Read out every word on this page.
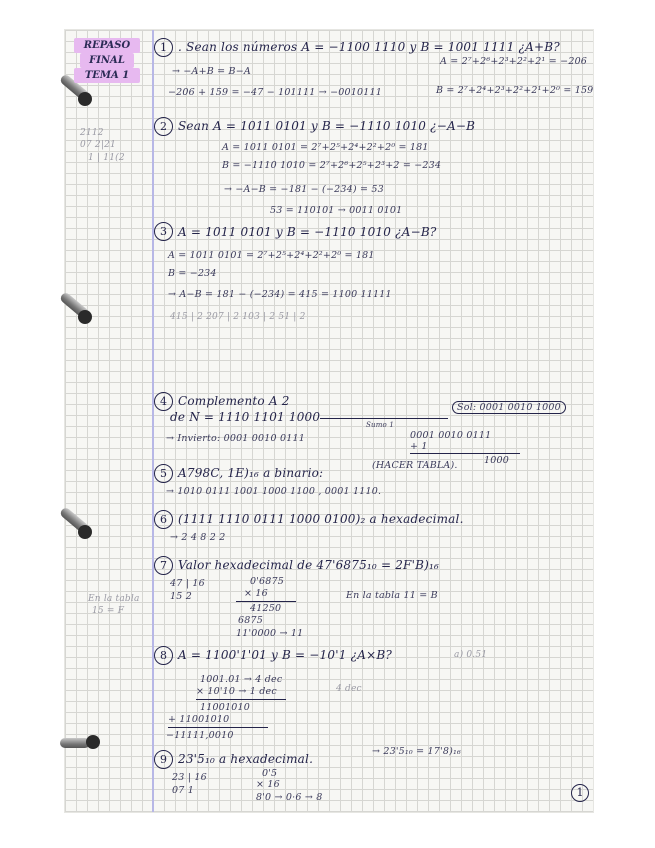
REPASO
FINAL
TEMA 1
1 . Sean los números A = −1100 1110 y B = 1001 1111 ¿A+B?
→ −A+B = B−A
A = 2⁷+2⁶+2³+2²+2¹ = −206
B = 2⁷+2⁴+2³+2²+2¹+2⁰ = 159
−206 + 159 = −47 − 101111 → −0010111
2 Sean A = 1011 0101 y B = −1110 1010 ¿−A−B
A = 1011 0101 = 2⁷+2⁵+2⁴+2²+2⁰ = 181
B = −1110 1010 = 2⁷+2⁶+2⁵+2³+2 = −234
→ −A−B = −181 − (−234) = 53
53 = 110101 → 0011 0101
2112
07 2|21
1 | 11(2
3 A = 1011 0101 y B = −1110 1010 ¿A−B?
A = 1011 0101 = 2⁷+2⁵+2⁴+2²+2⁰ = 181
B = −234
→ A−B = 181 − (−234) = 415 = 1100 11111
415 | 2 207 | 2 103 | 2 51 | 2
4 Complemento A 2
de N = 1110 1101 1000
Sol: 0001 0010 1000
→ Invierto: 0001 0010 0111
Sumo 1
0001 0010 0111
+ 1
1000
5 A798C, 1E)₁₆ a binario:
(HACER TABLA).
→ 1010 0111 1001 1000 1100 , 0001 1110.
6 (1111 1110 0111 1000 0100)₂ a hexadecimal.
→ 2 4 8 2 2
7 Valor hexadecimal de 47'6875₁₀ = 2F'B)₁₆
47 | 16
15 2
0'6875
× 16
41250
6875
11'0000 → 11
En la tabla 11 = B
En la tabla
15 = F
8 A = 1100'1'01 y B = −10'1 ¿A×B?	a) 0.51
1001.01 → 4 dec
× 10'10 → 1 dec	4 dec
11001010
+ 11001010
−11111,0010
9 23'5₁₀ a hexadecimal.
→ 23'5₁₀ = 17'8)₁₆
23 | 16
07 1
0'5
× 16
8'0 → 0·6 → 8	1
